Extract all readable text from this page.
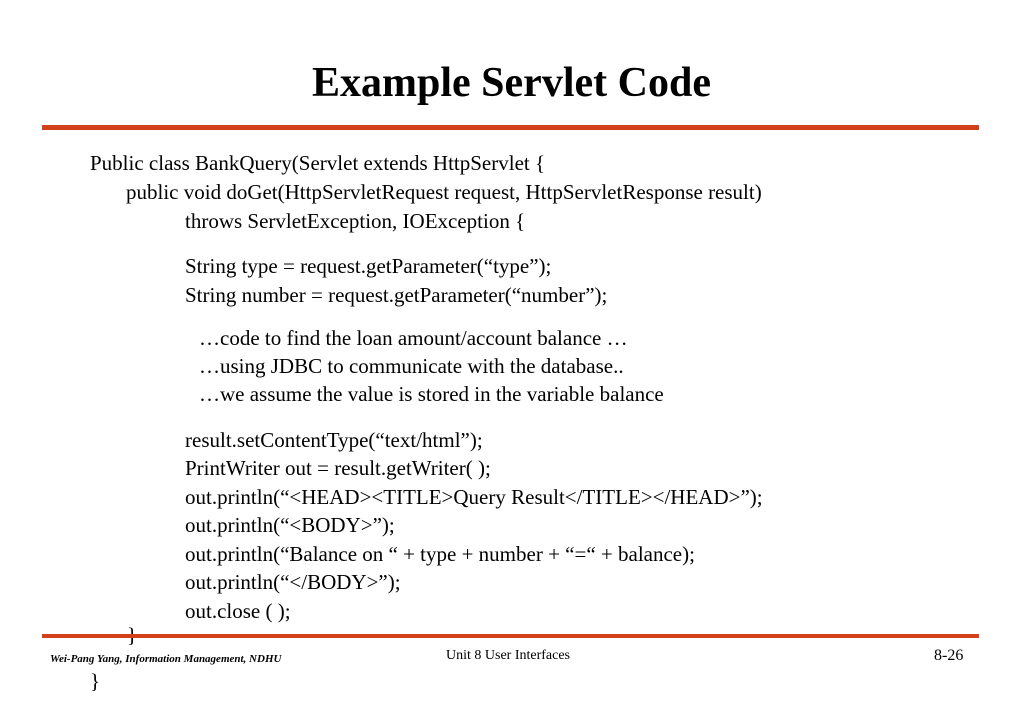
Example Servlet Code
Public class BankQuery(Servlet extends HttpServlet {
public void doGet(HttpServletRequest request, HttpServletResponse result)
throws ServletException, IOException {
String type = request.getParameter(“type”);
String number = request.getParameter(“number”);
…code to find the loan amount/account balance …
…using JDBC to communicate with the database..
…we assume the value is stored in the variable balance
result.setContentType(“text/html”);
PrintWriter out = result.getWriter( );
out.println(“<HEAD><TITLE>Query Result</TITLE></HEAD>”);
out.println(“<BODY>”);
out.println(“Balance on “ + type + number + “=“ + balance);
out.println(“</BODY>”);
out.close ( );
}
Wei-Pang Yang, Information Management, NDHU	Unit 8 User Interfaces	8-26
